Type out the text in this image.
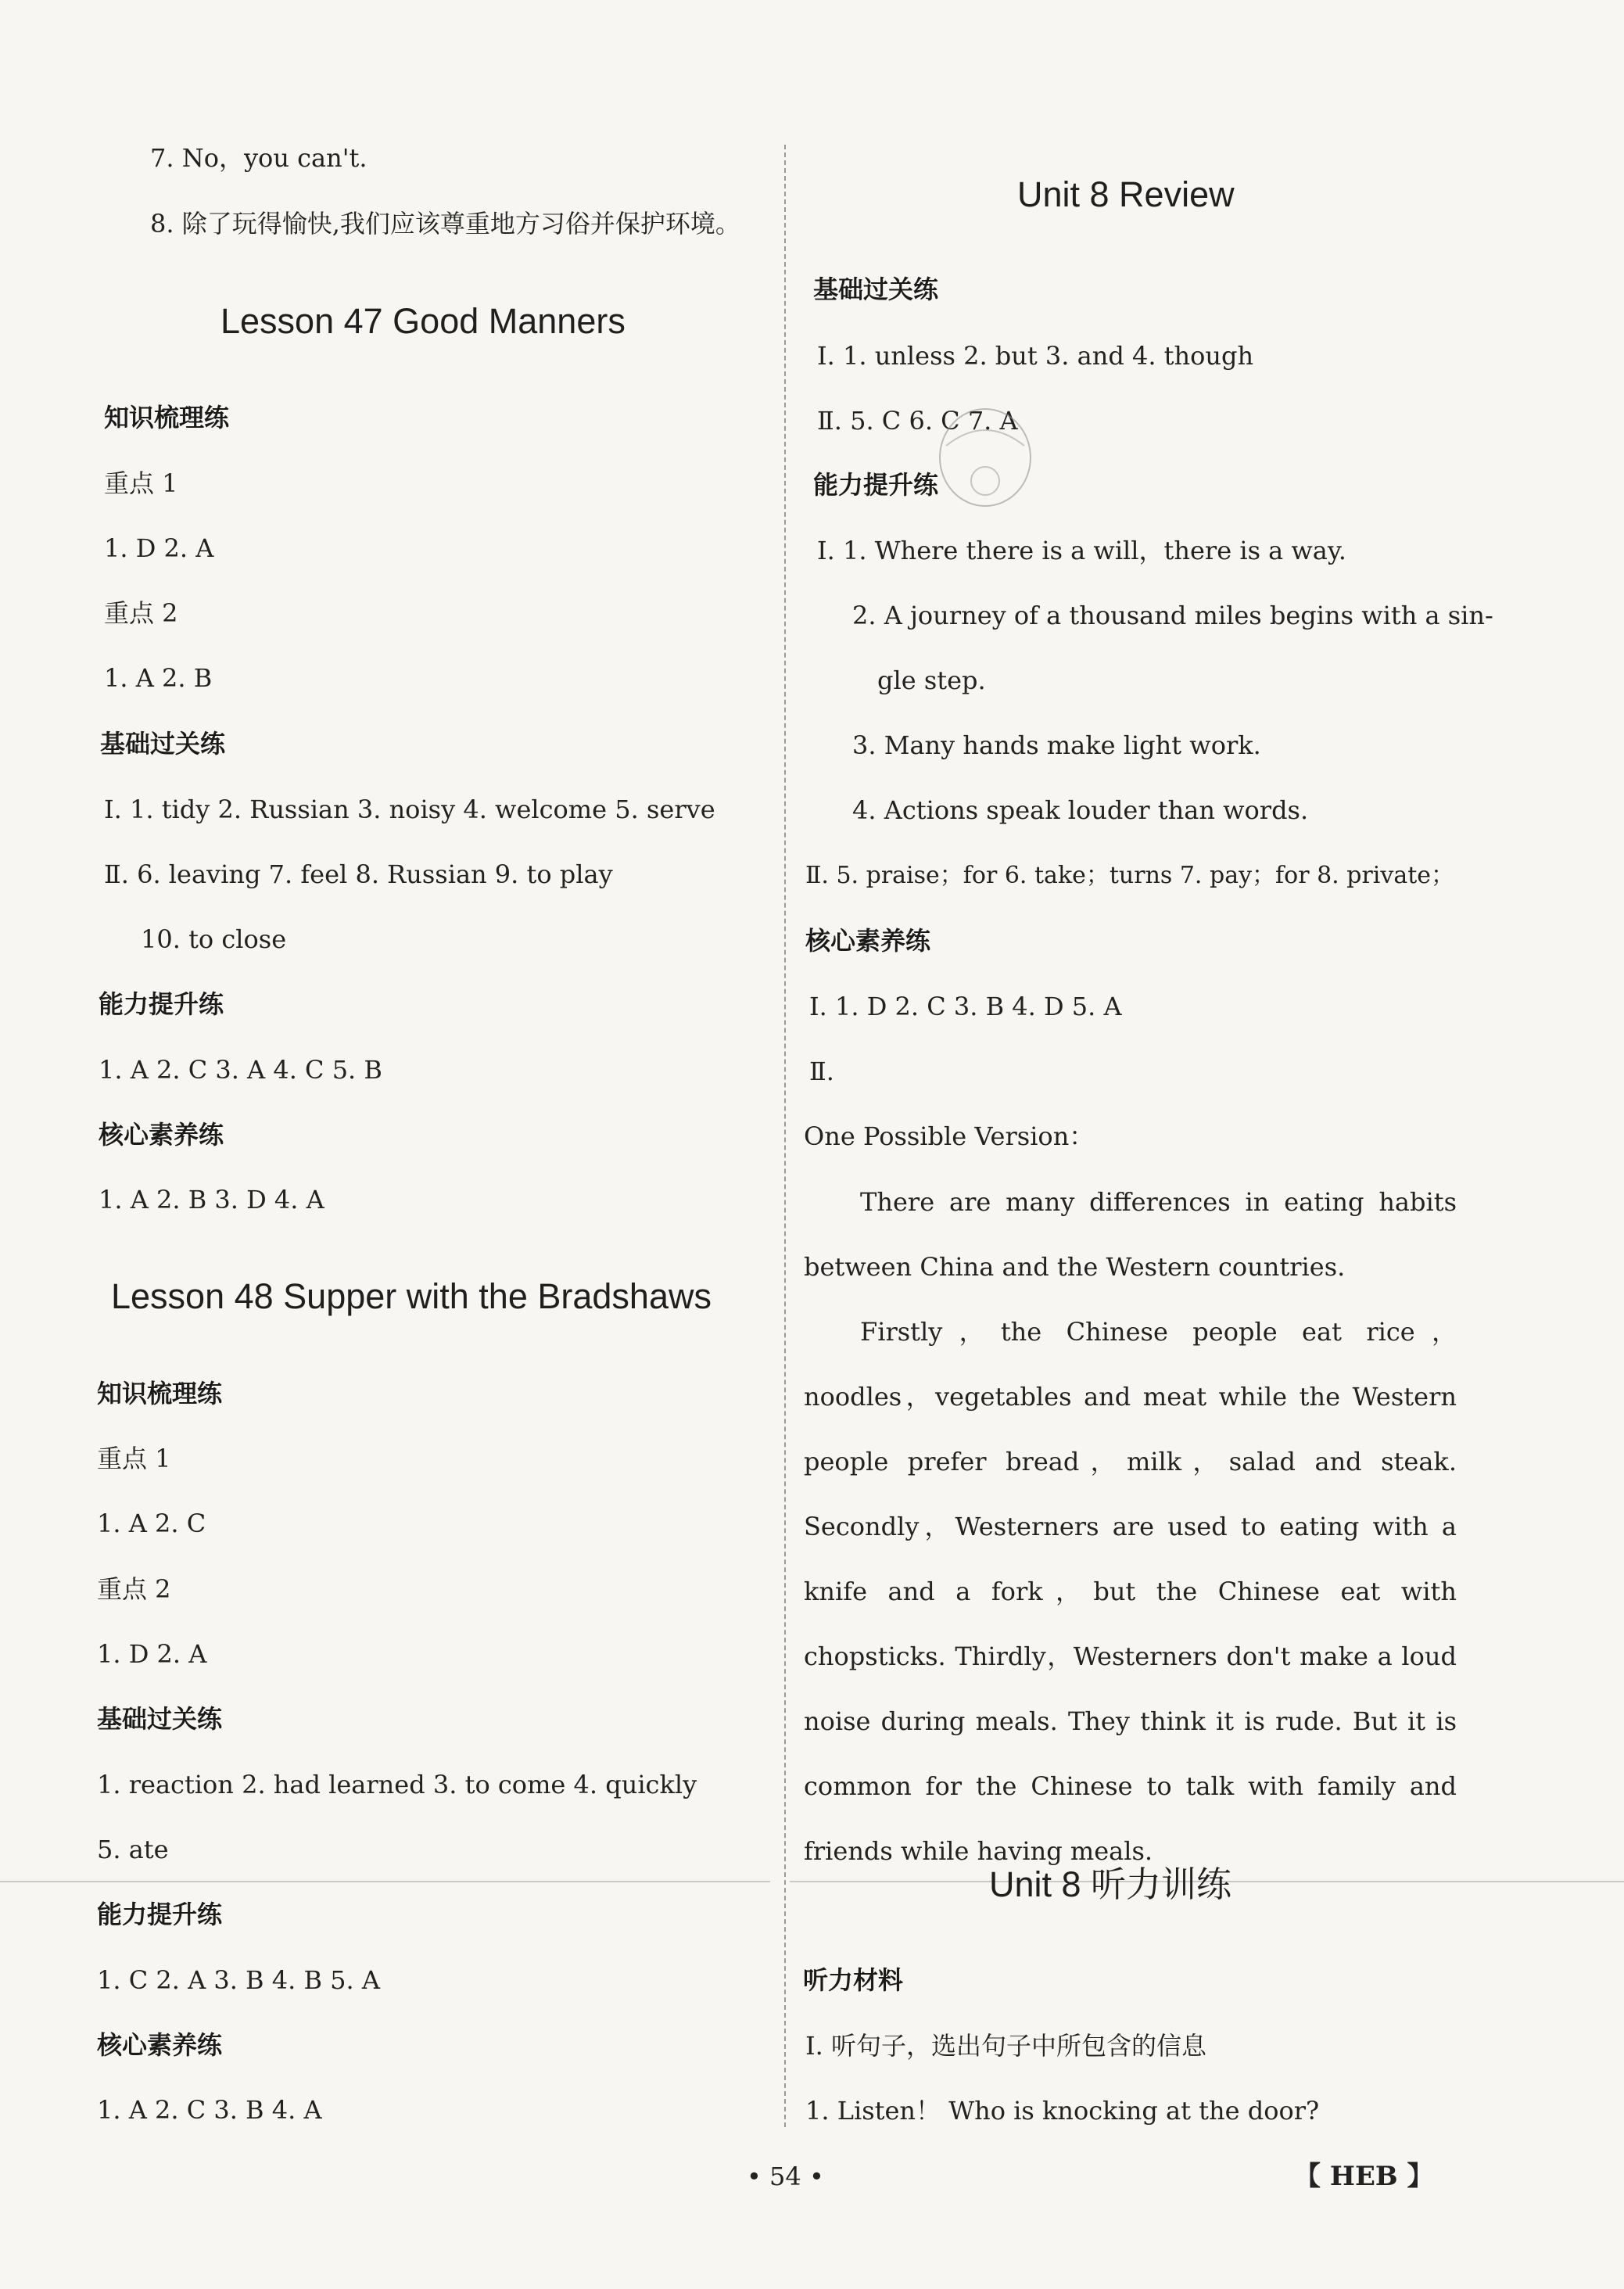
7. No，you can't.
8. 除了玩得愉快,我们应该尊重地方习俗并保护环境。
Lesson 47 Good Manners
知识梳理练
重点 1
1. D 2. A
重点 2
1. A 2. B
基础过关练
Ⅰ. 1. tidy 2. Russian 3. noisy 4. welcome 5. serve
Ⅱ. 6. leaving 7. feel 8. Russian 9. to play
10. to close
能力提升练
1. A 2. C 3. A 4. C 5. B
核心素养练
1. A 2. B 3. D 4. A
Lesson 48 Supper with the Bradshaws
知识梳理练
重点 1
1. A 2. C
重点 2
1. D 2. A
基础过关练
1. reaction 2. had learned 3. to come 4. quickly
5. ate
能力提升练
1. C 2. A 3. B 4. B 5. A
核心素养练
1. A 2. C 3. B 4. A
Unit 8 Review
基础过关练
Ⅰ. 1. unless 2. but 3. and 4. though
Ⅱ. 5. C 6. C 7. A
能力提升练
Ⅰ. 1. Where there is a will，there is a way.
2. A journey of a thousand miles begins with a sin-
gle step.
3. Many hands make light work.
4. Actions speak louder than words.
Ⅱ. 5. praise；for 6. take；turns 7. pay；for 8. private；
核心素养练
Ⅰ. 1. D 2. C 3. B 4. D 5. A
Ⅱ.
One Possible Version：
There are many differences in eating habits between China and the Western countries.
Firstly，the Chinese people eat rice，noodles，vegetables and meat while the Western people prefer bread，milk，salad and steak. Secondly，Westerners are used to eating with a knife and a fork，but the Chinese eat with chopsticks. Thirdly，Westerners don't make a loud noise during meals. They think it is rude. But it is common for the Chinese to talk with family and friends while having meals.
Unit 8 听力训练
听力材料
Ⅰ. 听句子，选出句子中所包含的信息
1. Listen！ Who is knocking at the door?
• 54 •	【 HEB 】
